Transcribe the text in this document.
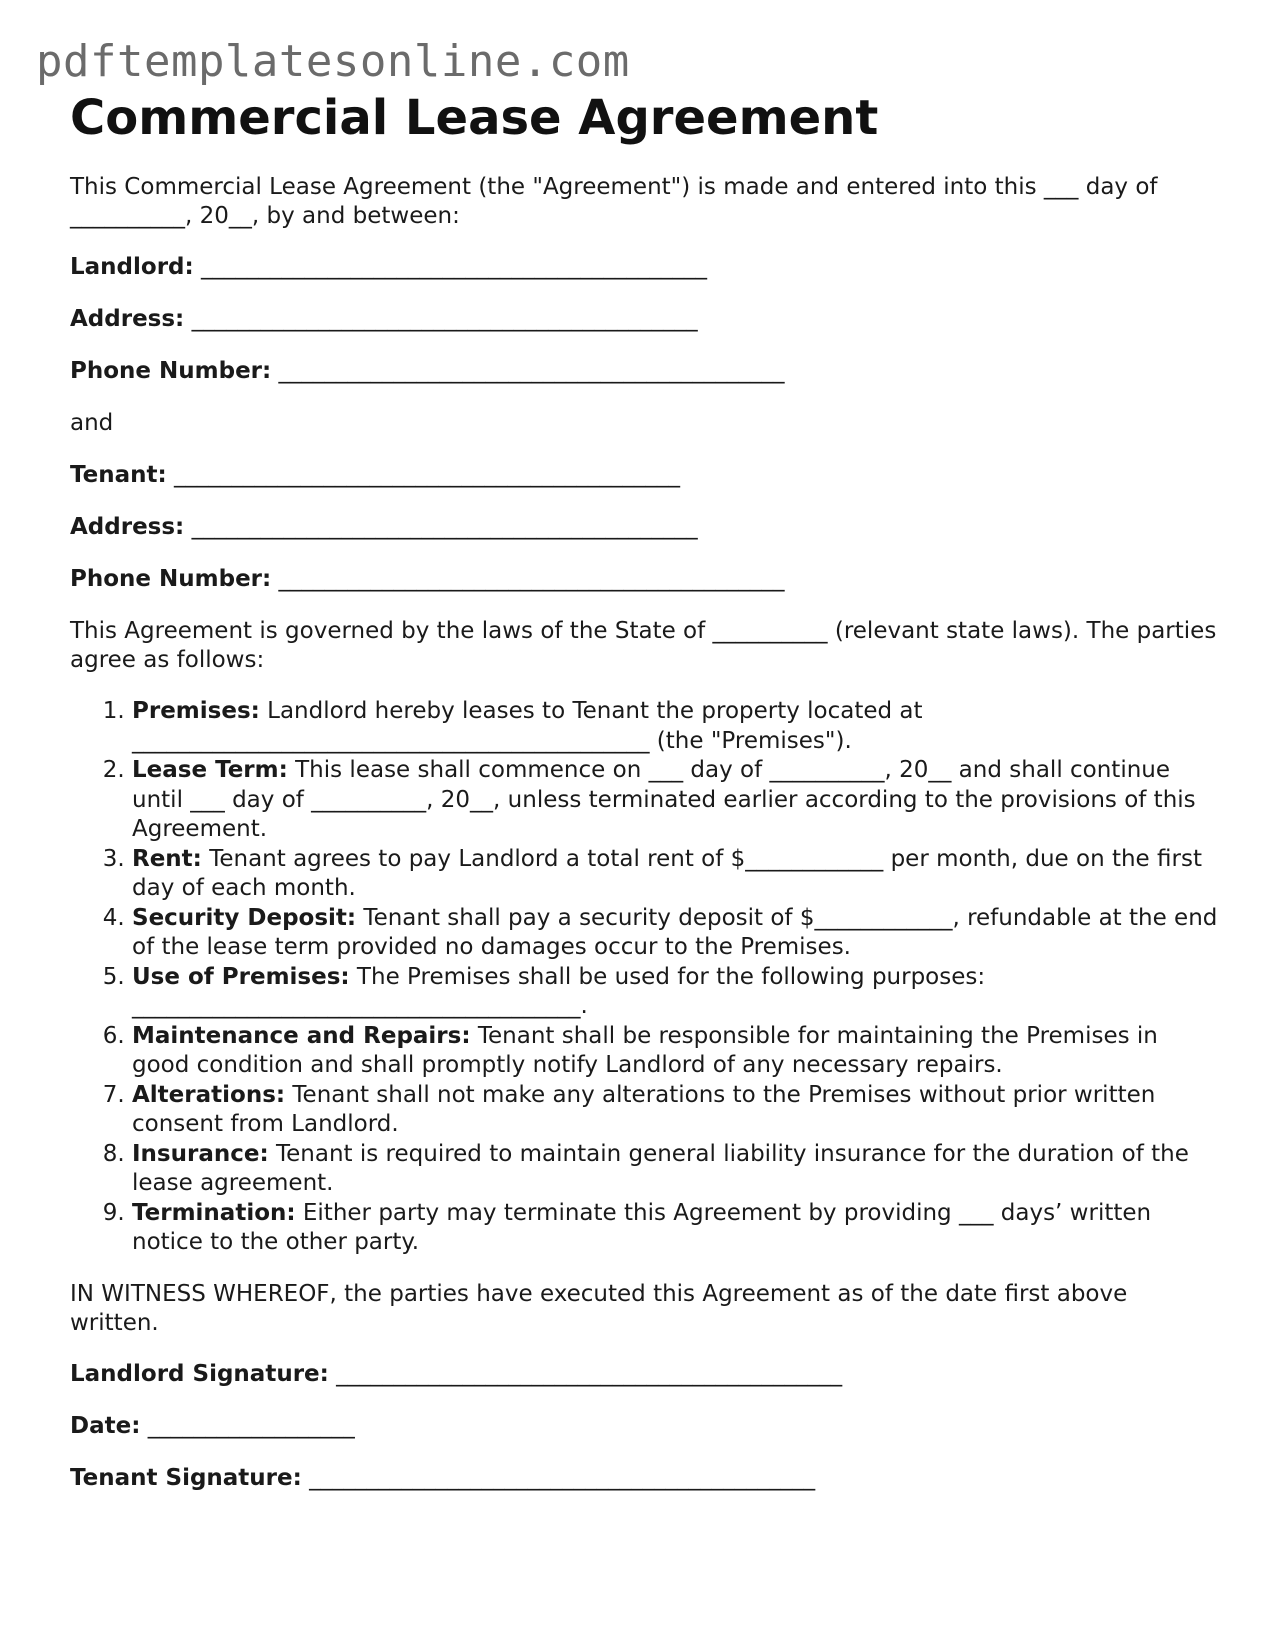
pdftemplatesonline.com
Commercial Lease Agreement

This Commercial Lease Agreement (the "Agreement") is made and entered into this ___ day of __________, 20__, by and between:

Landlord: ____________________________________________

Address: ____________________________________________

Phone Number: ____________________________________________

and

Tenant: ____________________________________________

Address: ____________________________________________

Phone Number: ____________________________________________

This Agreement is governed by the laws of the State of __________ (relevant state laws). The parties agree as follows:

1. Premises: Landlord hereby leases to Tenant the property located at _____________________________________________ (the "Premises").
2. Lease Term: This lease shall commence on ___ day of __________, 20__ and shall continue until ___ day of __________, 20__, unless terminated earlier according to the provisions of this Agreement.
3. Rent: Tenant agrees to pay Landlord a total rent of $____________ per month, due on the first day of each month.
4. Security Deposit: Tenant shall pay a security deposit of $____________, refundable at the end of the lease term provided no damages occur to the Premises.
5. Use of Premises: The Premises shall be used for the following purposes: _______________________________________.
6. Maintenance and Repairs: Tenant shall be responsible for maintaining the Premises in good condition and shall promptly notify Landlord of any necessary repairs.
7. Alterations: Tenant shall not make any alterations to the Premises without prior written consent from Landlord.
8. Insurance: Tenant is required to maintain general liability insurance for the duration of the lease agreement.
9. Termination: Either party may terminate this Agreement by providing ___ days’ written notice to the other party.

IN WITNESS WHEREOF, the parties have executed this Agreement as of the date first above written.

Landlord Signature: ____________________________________________

Date: __________________

Tenant Signature: ____________________________________________
